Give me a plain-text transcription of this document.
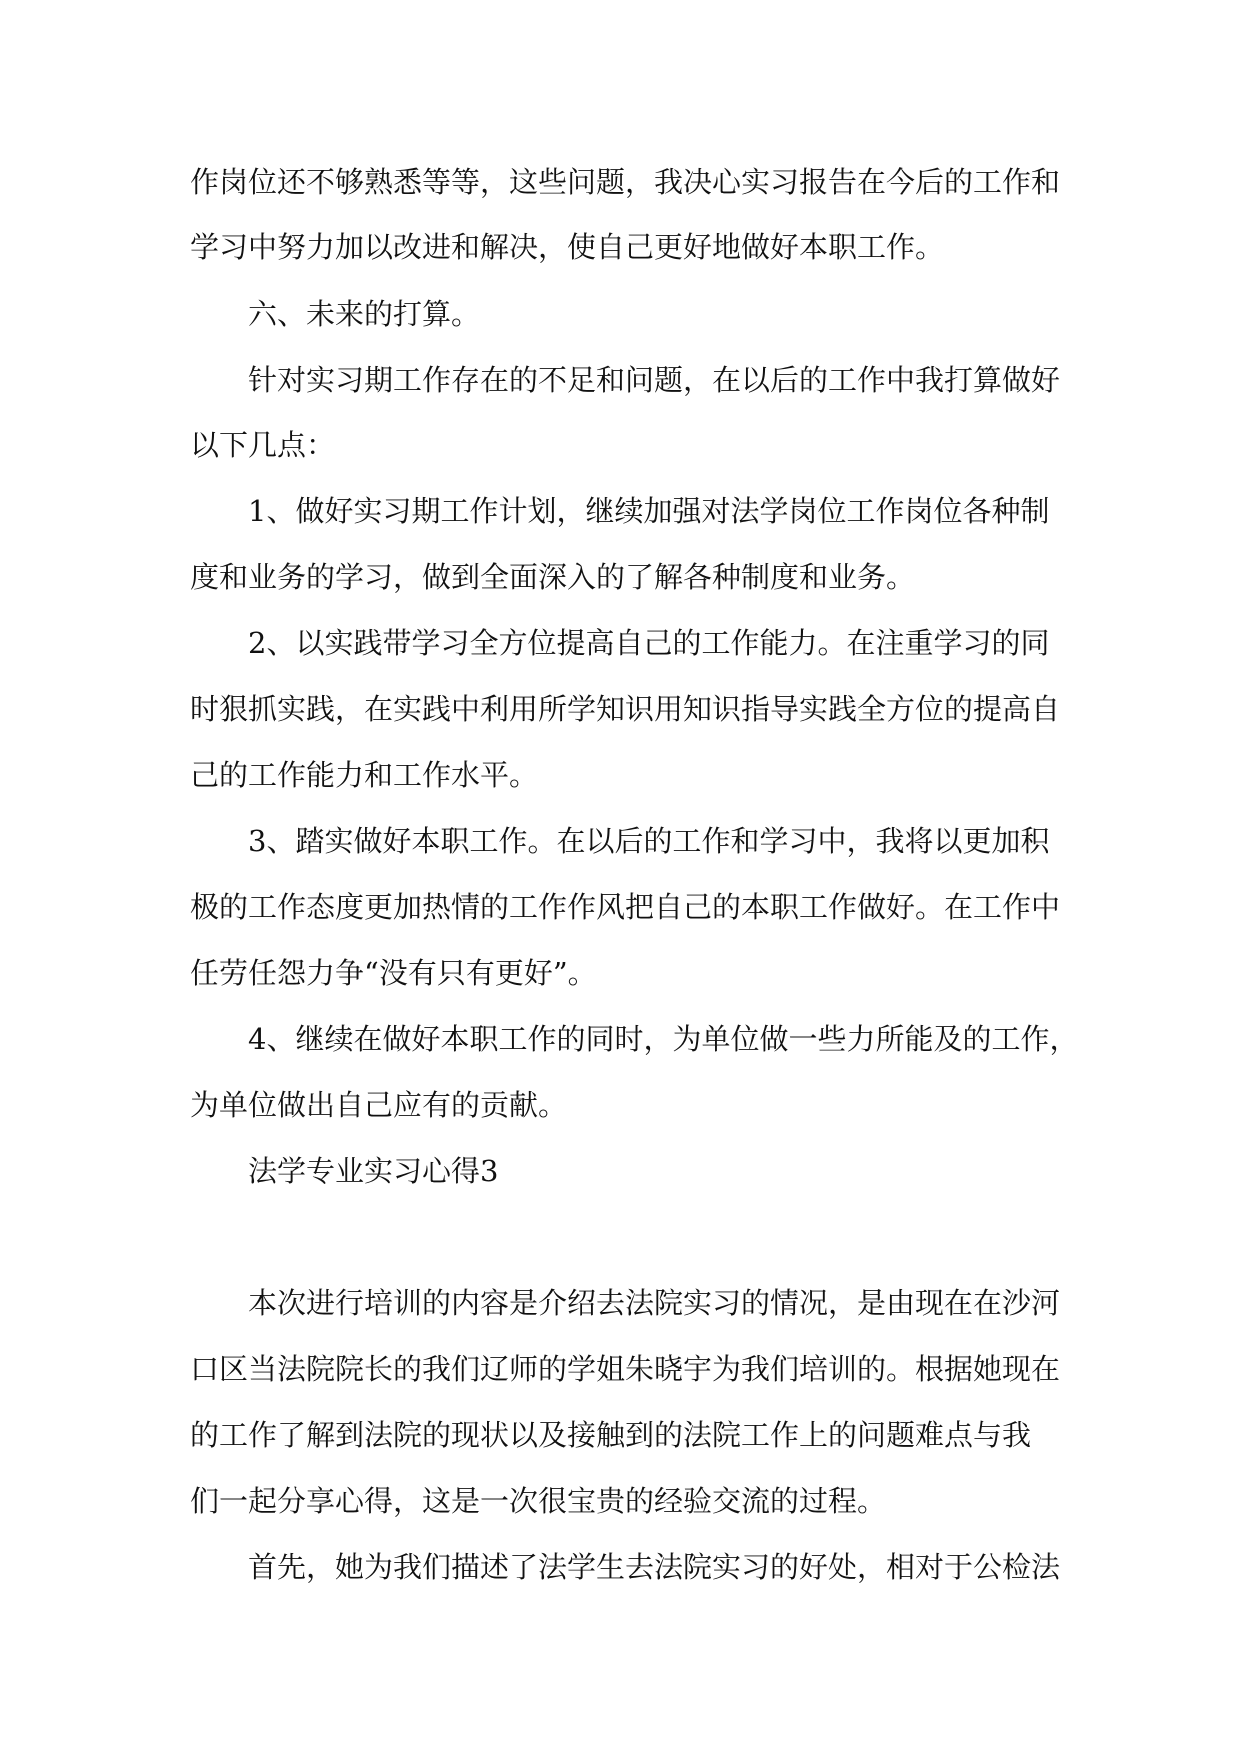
作岗位还不够熟悉等等，这些问题，我决心实习报告在今后的工作和
学习中努力加以改进和解决，使自己更好地做好本职工作。
六、未来的打算。
针对实习期工作存在的不足和问题，在以后的工作中我打算做好
以下几点：
1、做好实习期工作计划，继续加强对法学岗位工作岗位各种制
度和业务的学习，做到全面深入的了解各种制度和业务。
2、以实践带学习全方位提高自己的工作能力。在注重学习的同
时狠抓实践，在实践中利用所学知识用知识指导实践全方位的提高自
己的工作能力和工作水平。
3、踏实做好本职工作。在以后的工作和学习中，我将以更加积
极的工作态度更加热情的工作作风把自己的本职工作做好。在工作中
任劳任怨力争“没有只有更好”。
4、继续在做好本职工作的同时，为单位做一些力所能及的工作，
为单位做出自己应有的贡献。
法学专业实习心得3
本次进行培训的内容是介绍去法院实习的情况，是由现在在沙河
口区当法院院长的我们辽师的学姐朱晓宇为我们培训的。根据她现在
的工作了解到法院的现状以及接触到的法院工作上的问题难点与我
们一起分享心得，这是一次很宝贵的经验交流的过程。
首先，她为我们描述了法学生去法院实习的好处，相对于公检法
